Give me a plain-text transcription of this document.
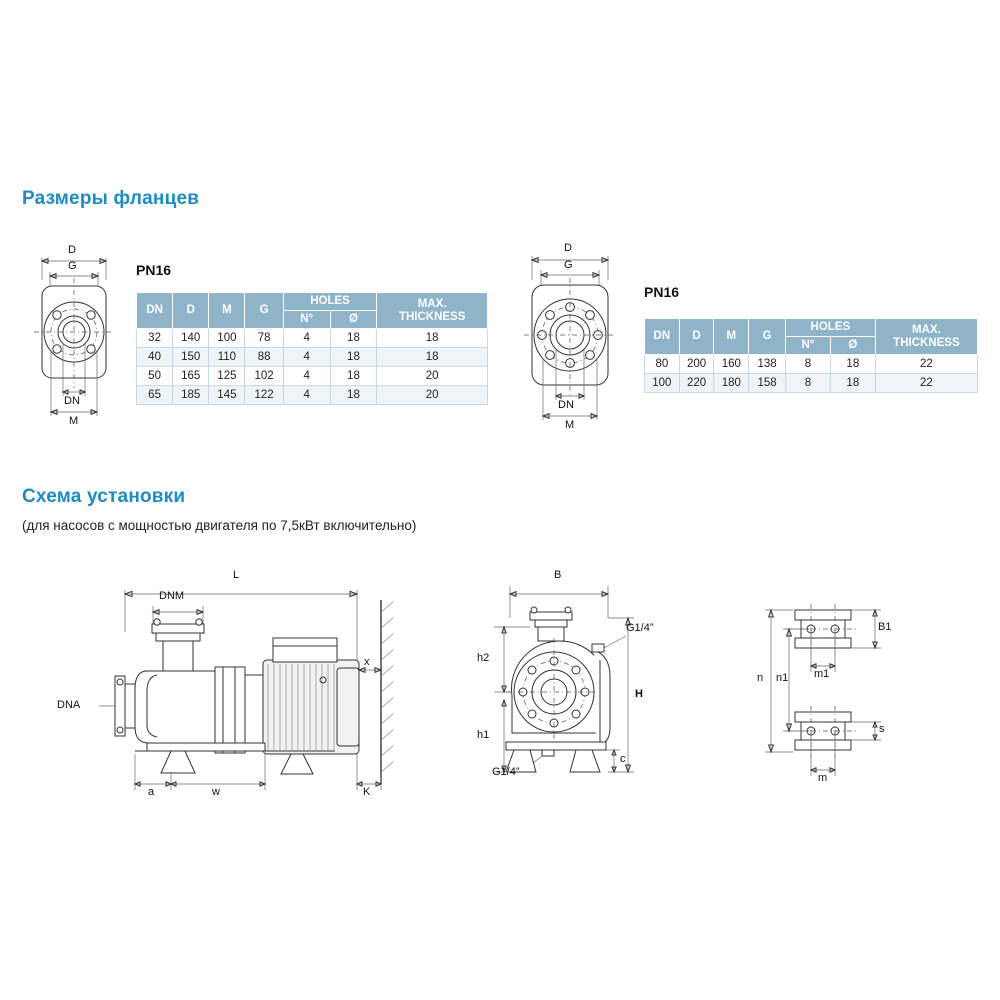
Размеры фланцев
D
G
DN
M
PN16
DN	D	M	G	HOLES		MAX.
THICKNESS
				N°	Ø	
32	140	100	78	4	18	18
40	150	110	88	4	18	18
50	165	125	102	4	18	20
65	185	145	122	4	18	20
D
G
DN
M
PN16
DN	D	M	G	HOLES		MAX.
THICKNESS
				N°	Ø	
80	200	160	138	8	18	22
100	220	180	158	8	18	22
Схема установки
(для насосов с мощностью двигателя по 7,5кВт включительно)
L
DNM
DNA
x
a	w	K
B
G1/4”
G1/4”
h2
h1
H
c
B1
m1
n n1
s
m
